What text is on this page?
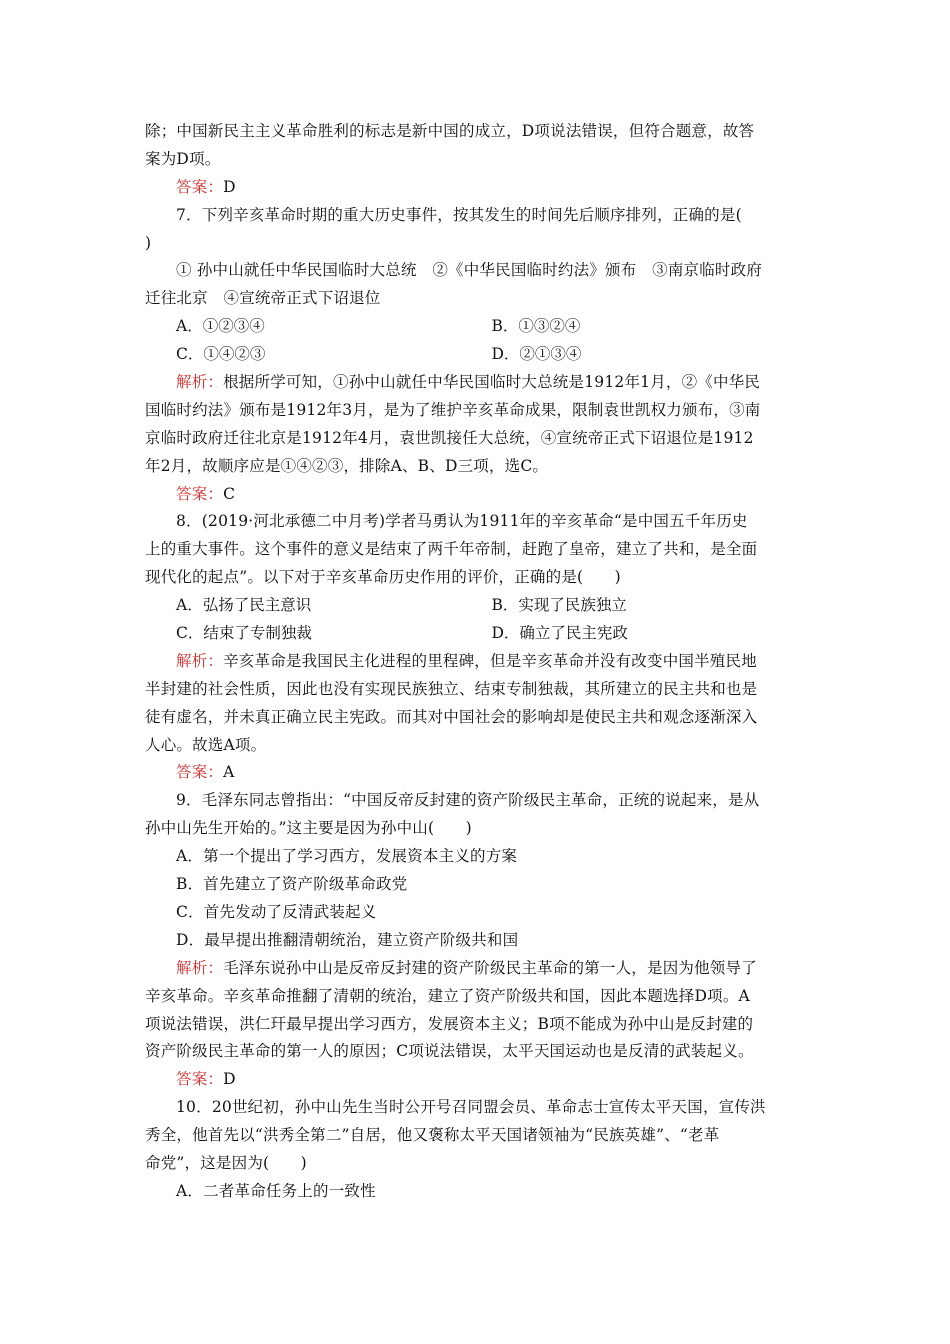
除；中国新民主主义革命胜利的标志是新中国的成立，D项说法错误，但符合题意，故答
案为D项。
答案：D
7．下列辛亥革命时期的重大历史事件，按其发生的时间先后顺序排列，正确的是(
)
① 孙中山就任中华民国临时大总统　②《中华民国临时约法》颁布　③南京临时政府
迁往北京　④宣统帝正式下诏退位
A．①②③④	B．①③②④
C．①④②③	D．②①③④
解析：根据所学可知，①孙中山就任中华民国临时大总统是1912年1月，②《中华民
国临时约法》颁布是1912年3月，是为了维护辛亥革命成果，限制袁世凯权力颁布，③南
京临时政府迁往北京是1912年4月，袁世凯接任大总统，④宣统帝正式下诏退位是1912
年2月，故顺序应是①④②③，排除A、B、D三项，选C。
答案：C
8．(2019·河北承德二中月考)学者马勇认为1911年的辛亥革命“是中国五千年历史
上的重大事件。这个事件的意义是结束了两千年帝制，赶跑了皇帝，建立了共和，是全面
现代化的起点”。以下对于辛亥革命历史作用的评价，正确的是(　　)
A．弘扬了民主意识	B．实现了民族独立
C．结束了专制独裁	D．确立了民主宪政
解析：辛亥革命是我国民主化进程的里程碑，但是辛亥革命并没有改变中国半殖民地
半封建的社会性质，因此也没有实现民族独立、结束专制独裁，其所建立的民主共和也是
徒有虚名，并未真正确立民主宪政。而其对中国社会的影响却是使民主共和观念逐渐深入
人心。故选A项。
答案：A
9．毛泽东同志曾指出：“中国反帝反封建的资产阶级民主革命，正统的说起来，是从
孙中山先生开始的。”这主要是因为孙中山(　　)
A．第一个提出了学习西方，发展资本主义的方案
B．首先建立了资产阶级革命政党
C．首先发动了反清武装起义
D．最早提出推翻清朝统治，建立资产阶级共和国
解析：毛泽东说孙中山是反帝反封建的资产阶级民主革命的第一人，是因为他领导了
辛亥革命。辛亥革命推翻了清朝的统治，建立了资产阶级共和国，因此本题选择D项。A
项说法错误，洪仁玕最早提出学习西方，发展资本主义；B项不能成为孙中山是反封建的
资产阶级民主革命的第一人的原因；C项说法错误，太平天国运动也是反清的武装起义。
答案：D
10．20世纪初，孙中山先生当时公开号召同盟会员、革命志士宣传太平天国，宣传洪
秀全，他首先以“洪秀全第二”自居，他又褒称太平天国诸领袖为“民族英雄”、“老革
命党”，这是因为(　　)
A．二者革命任务上的一致性
